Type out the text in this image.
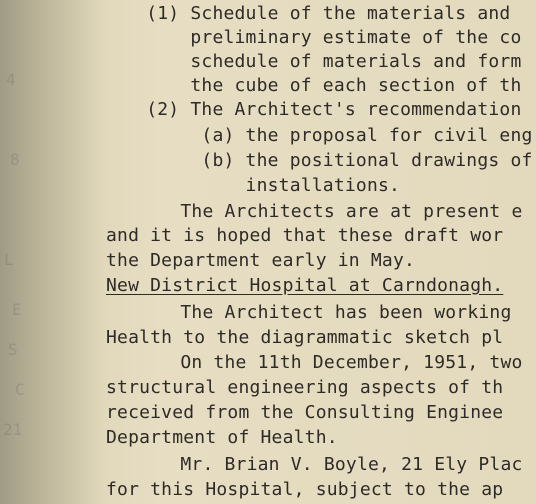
4
8
L
E
S
C
21
(1) Schedule of the materials and
preliminary estimate of the co
schedule of materials and form
the cube of each section of th
(2) The Architect's recommendation
(a) the proposal for civil eng
(b) the positional drawings of
installations.
The Architects are at present e
and it is hoped that these draft wor
the Department early in May.
New District Hospital at Carndonagh.
The Architect has been working
Health to the diagrammatic sketch pl
On the 11th December, 1951, two
structural engineering aspects of th
received from the Consulting Enginee
Department of Health.
Mr. Brian V. Boyle, 21 Ely Plac
for this Hospital, subject to the ap
